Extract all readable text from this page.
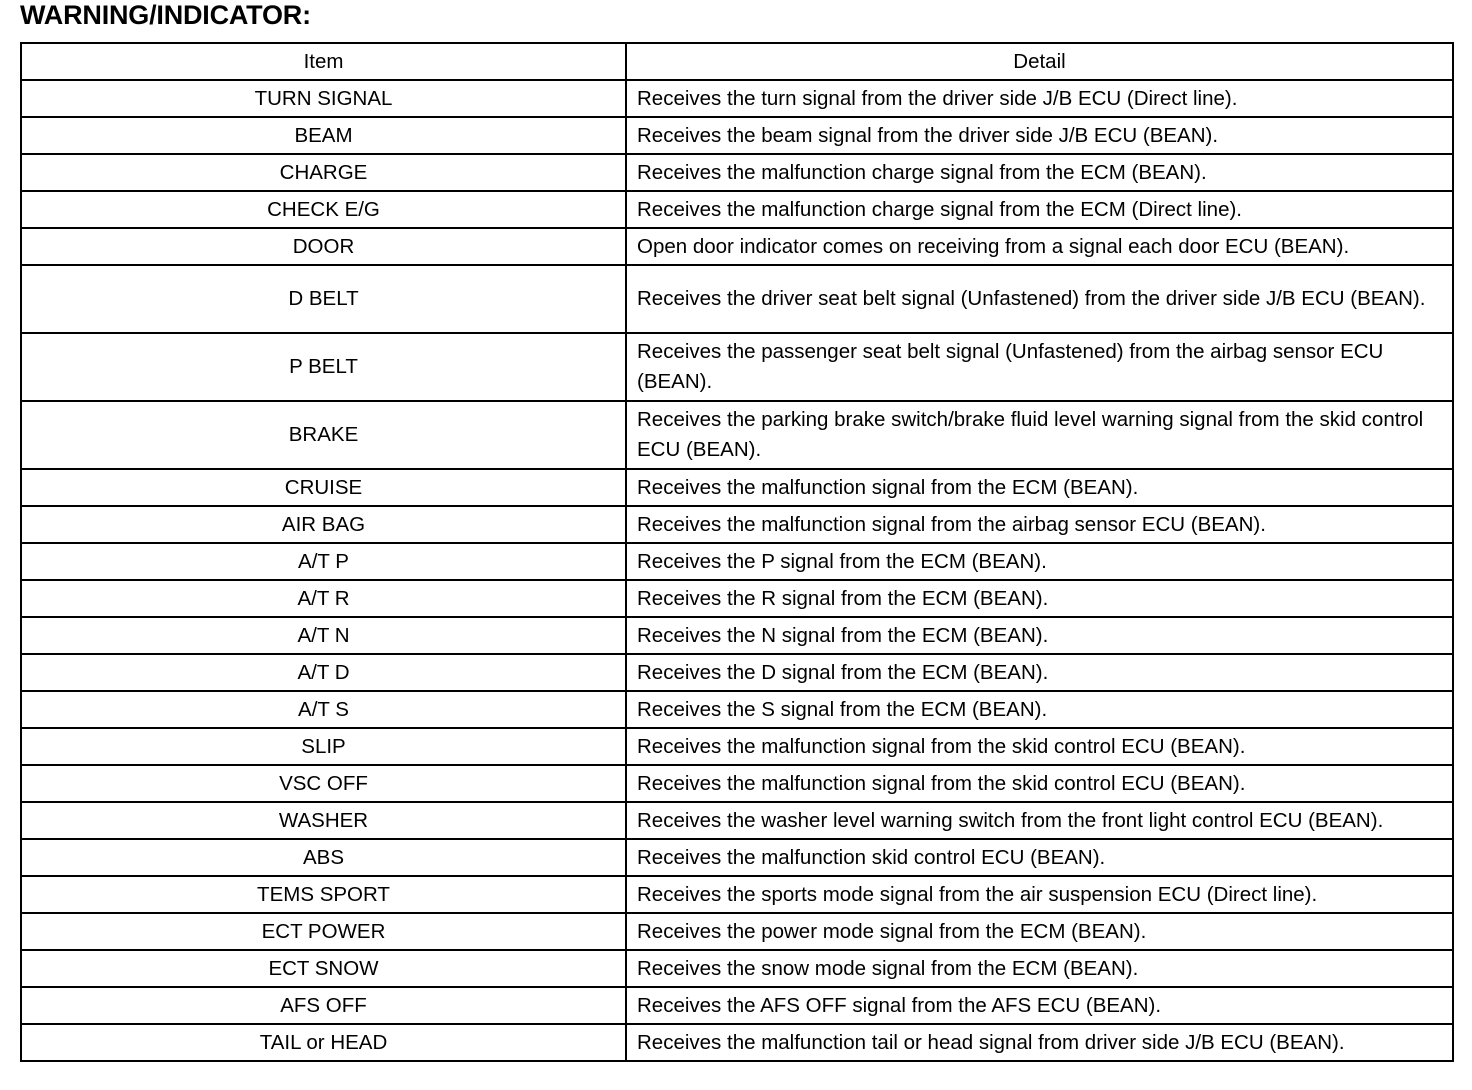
WARNING/INDICATOR:
Item	Detail
TURN SIGNAL	Receives the turn signal from the driver side J/B ECU (Direct line).
BEAM	Receives the beam signal from the driver side J/B ECU (BEAN).
CHARGE	Receives the malfunction charge signal from the ECM (BEAN).
CHECK E/G	Receives the malfunction charge signal from the ECM (Direct line).
DOOR	Open door indicator comes on receiving from a signal each door ECU (BEAN).
D BELT	Receives the driver seat belt signal (Unfastened) from the driver side J/B ECU (BEAN).
P BELT	Receives the passenger seat belt signal (Unfastened) from the airbag sensor ECU (BEAN).
BRAKE	Receives the parking brake switch/brake fluid level warning signal from the skid control ECU (BEAN).
CRUISE	Receives the malfunction signal from the ECM (BEAN).
AIR BAG	Receives the malfunction signal from the airbag sensor ECU (BEAN).
A/T P	Receives the P signal from the ECM (BEAN).
A/T R	Receives the R signal from the ECM (BEAN).
A/T N	Receives the N signal from the ECM (BEAN).
A/T D	Receives the D signal from the ECM (BEAN).
A/T S	Receives the S signal from the ECM (BEAN).
SLIP	Receives the malfunction signal from the skid control ECU (BEAN).
VSC OFF	Receives the malfunction signal from the skid control ECU (BEAN).
WASHER	Receives the washer level warning switch from the front light control ECU (BEAN).
ABS	Receives the malfunction skid control ECU (BEAN).
TEMS SPORT	Receives the sports mode signal from the air suspension ECU (Direct line).
ECT POWER	Receives the power mode signal from the ECM (BEAN).
ECT SNOW	Receives the snow mode signal from the ECM (BEAN).
AFS OFF	Receives the AFS OFF signal from the AFS ECU (BEAN).
TAIL or HEAD	Receives the malfunction tail or head signal from driver side J/B ECU (BEAN).
